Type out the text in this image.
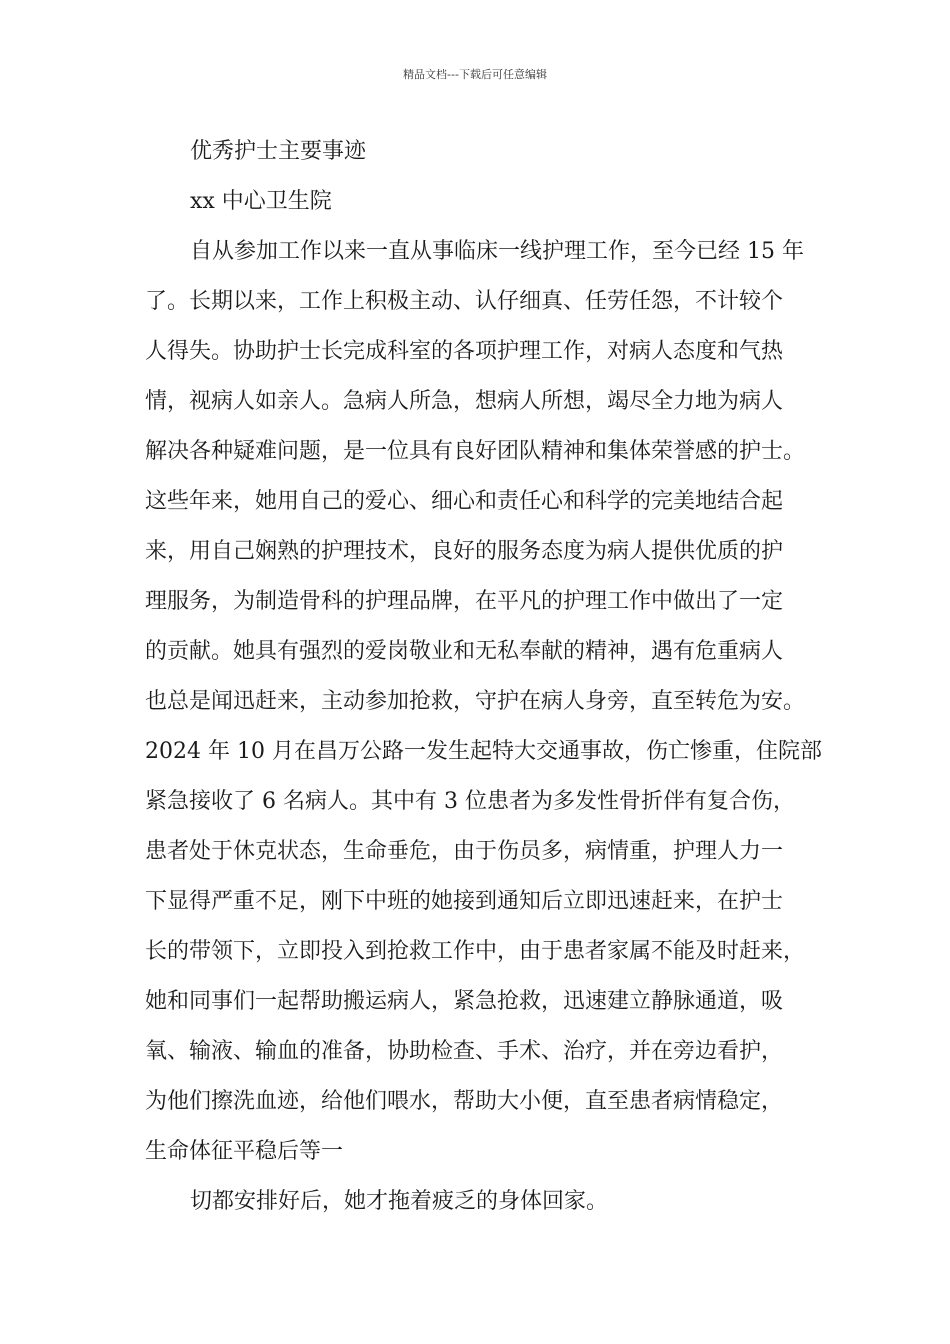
精品文档---下载后可任意编辑
优秀护士主要事迹
xx 中心卫生院
自从参加工作以来一直从事临床一线护理工作，至今已经 15 年
了。长期以来，工作上积极主动、认仔细真、任劳任怨，不计较个
人得失。协助护士长完成科室的各项护理工作，对病人态度和气热
情，视病人如亲人。急病人所急，想病人所想，竭尽全力地为病人
解决各种疑难问题，是一位具有良好团队精神和集体荣誉感的护士。
这些年来，她用自己的爱心、细心和责任心和科学的完美地结合起
来，用自己娴熟的护理技术，良好的服务态度为病人提供优质的护
理服务，为制造骨科的护理品牌，在平凡的护理工作中做出了一定
的贡献。她具有强烈的爱岗敬业和无私奉献的精神，遇有危重病人
也总是闻迅赶来，主动参加抢救，守护在病人身旁，直至转危为安。
2024 年 10 月在昌万公路一发生起特大交通事故，伤亡惨重，住院部
紧急接收了 6 名病人。其中有 3 位患者为多发性骨折伴有复合伤，
患者处于休克状态，生命垂危，由于伤员多，病情重，护理人力一
下显得严重不足，刚下中班的她接到通知后立即迅速赶来，在护士
长的带领下，立即投入到抢救工作中，由于患者家属不能及时赶来，
她和同事们一起帮助搬运病人，紧急抢救，迅速建立静脉通道，吸
氧、输液、输血的准备，协助检查、手术、治疗，并在旁边看护，
为他们擦洗血迹，给他们喂水，帮助大小便，直至患者病情稳定，
生命体征平稳后等一
切都安排好后，她才拖着疲乏的身体回家。
